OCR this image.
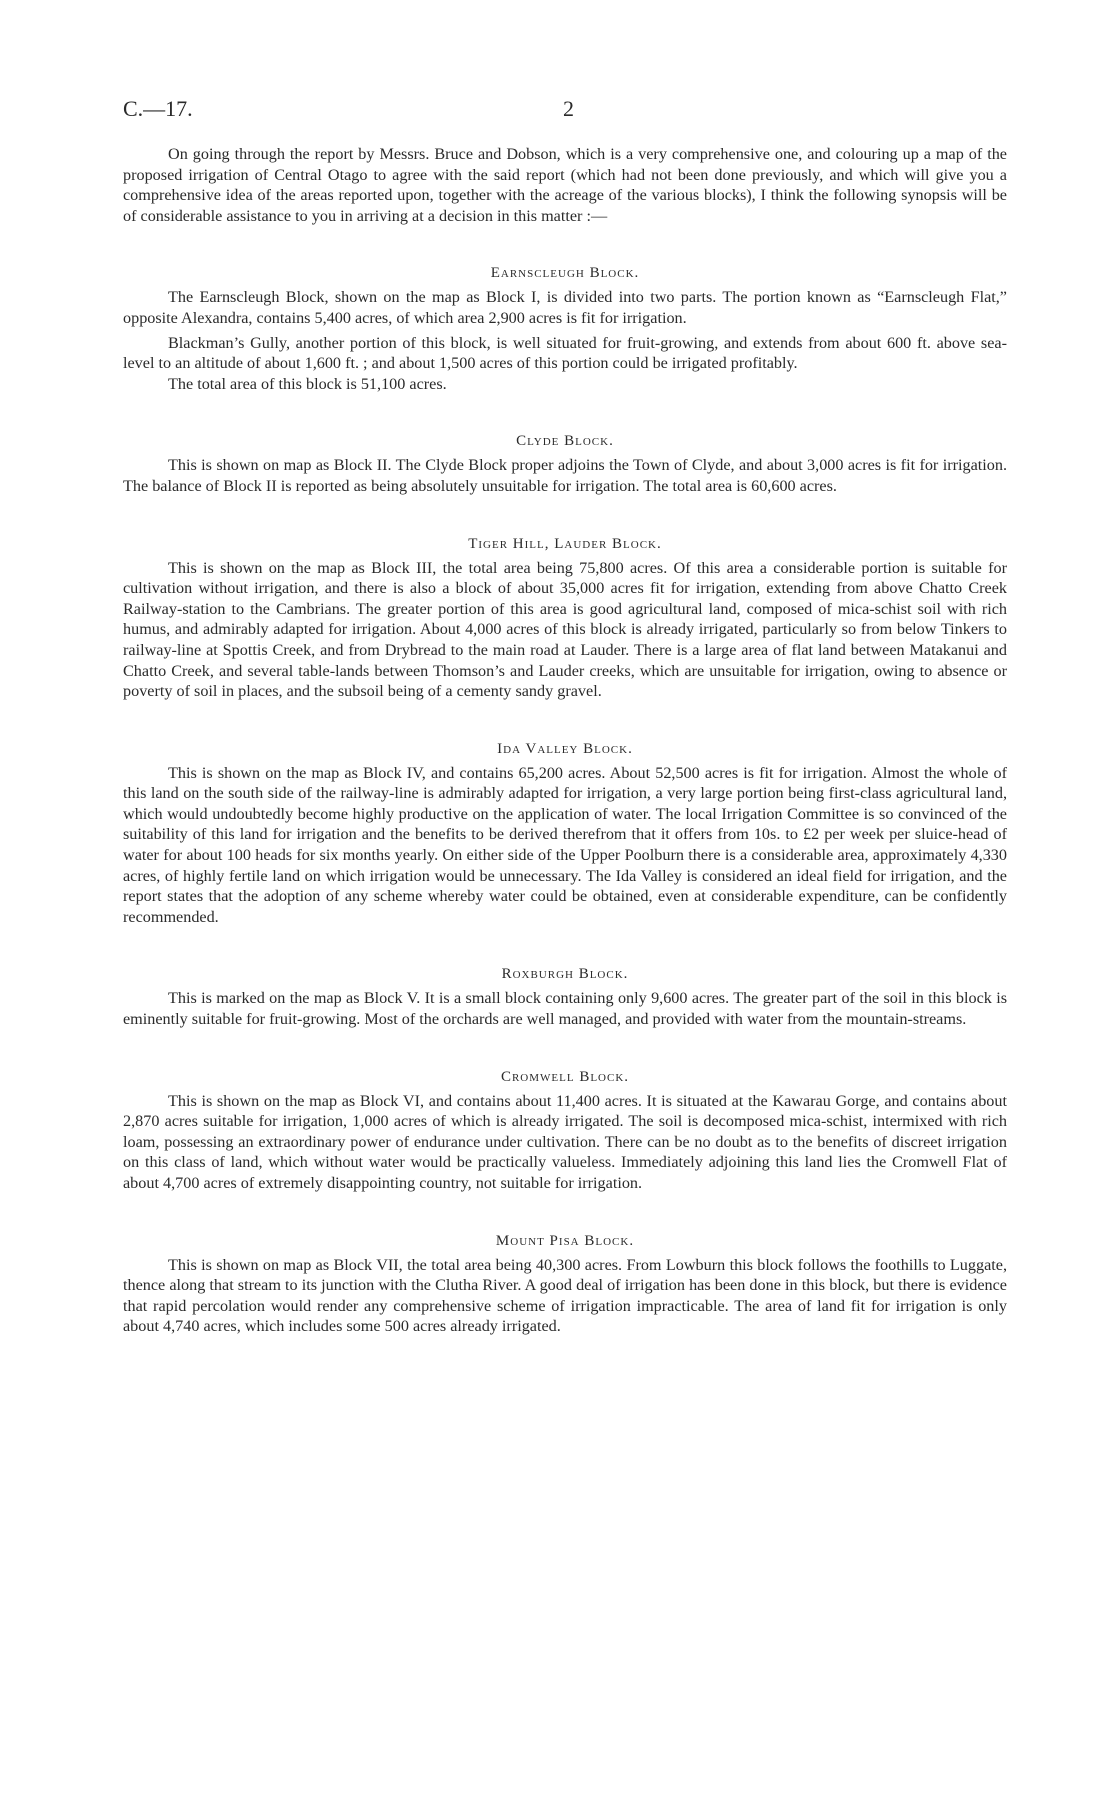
C.—17.	2

On going through the report by Messrs. Bruce and Dobson, which is a very comprehensive one, and colouring up a map of the proposed irrigation of Central Otago to agree with the said report (which had not been done previously, and which will give you a comprehensive idea of the areas reported upon, together with the acreage of the various blocks), I think the following synopsis will be of considerable assistance to you in arriving at a decision in this matter :—

Earnscleugh Block.

The Earnscleugh Block, shown on the map as Block I, is divided into two parts. The portion known as “Earnscleugh Flat,” opposite Alexandra, contains 5,400 acres, of which area 2,900 acres is fit for irrigation.

Blackman’s Gully, another portion of this block, is well situated for fruit-growing, and extends from about 600 ft. above sea-level to an altitude of about 1,600 ft. ; and about 1,500 acres of this portion could be irrigated profitably.

The total area of this block is 51,100 acres.

Clyde Block.

This is shown on map as Block II. The Clyde Block proper adjoins the Town of Clyde, and about 3,000 acres is fit for irrigation. The balance of Block II is reported as being absolutely unsuitable for irrigation. The total area is 60,600 acres.

Tiger Hill, Lauder Block.

This is shown on the map as Block III, the total area being 75,800 acres. Of this area a considerable portion is suitable for cultivation without irrigation, and there is also a block of about 35,000 acres fit for irrigation, extending from above Chatto Creek Railway-station to the Cambrians. The greater portion of this area is good agricultural land, composed of mica-schist soil with rich humus, and admirably adapted for irrigation. About 4,000 acres of this block is already irrigated, particularly so from below Tinkers to railway-line at Spottis Creek, and from Drybread to the main road at Lauder. There is a large area of flat land between Matakanui and Chatto Creek, and several table-lands between Thomson’s and Lauder creeks, which are unsuitable for irrigation, owing to absence or poverty of soil in places, and the subsoil being of a cementy sandy gravel.

Ida Valley Block.

This is shown on the map as Block IV, and contains 65,200 acres. About 52,500 acres is fit for irrigation. Almost the whole of this land on the south side of the railway-line is admirably adapted for irrigation, a very large portion being first-class agricultural land, which would undoubtedly become highly productive on the application of water. The local Irrigation Committee is so convinced of the suitability of this land for irrigation and the benefits to be derived therefrom that it offers from 10s. to £2 per week per sluice-head of water for about 100 heads for six months yearly. On either side of the Upper Poolburn there is a considerable area, approximately 4,330 acres, of highly fertile land on which irrigation would be unnecessary. The Ida Valley is considered an ideal field for irrigation, and the report states that the adoption of any scheme whereby water could be obtained, even at considerable expenditure, can be confidently recommended.

Roxburgh Block.

This is marked on the map as Block V. It is a small block containing only 9,600 acres. The greater part of the soil in this block is eminently suitable for fruit-growing. Most of the orchards are well managed, and provided with water from the mountain-streams.

Cromwell Block.

This is shown on the map as Block VI, and contains about 11,400 acres. It is situated at the Kawarau Gorge, and contains about 2,870 acres suitable for irrigation, 1,000 acres of which is already irrigated. The soil is decomposed mica-schist, intermixed with rich loam, possessing an extraordinary power of endurance under cultivation. There can be no doubt as to the benefits of discreet irrigation on this class of land, which without water would be practically valueless. Immediately adjoining this land lies the Cromwell Flat of about 4,700 acres of extremely disappointing country, not suitable for irrigation.

Mount Pisa Block.

This is shown on map as Block VII, the total area being 40,300 acres. From Lowburn this block follows the foothills to Luggate, thence along that stream to its junction with the Clutha River. A good deal of irrigation has been done in this block, but there is evidence that rapid percolation would render any comprehensive scheme of irrigation impracticable. The area of land fit for irrigation is only about 4,740 acres, which includes some 500 acres already irrigated.
